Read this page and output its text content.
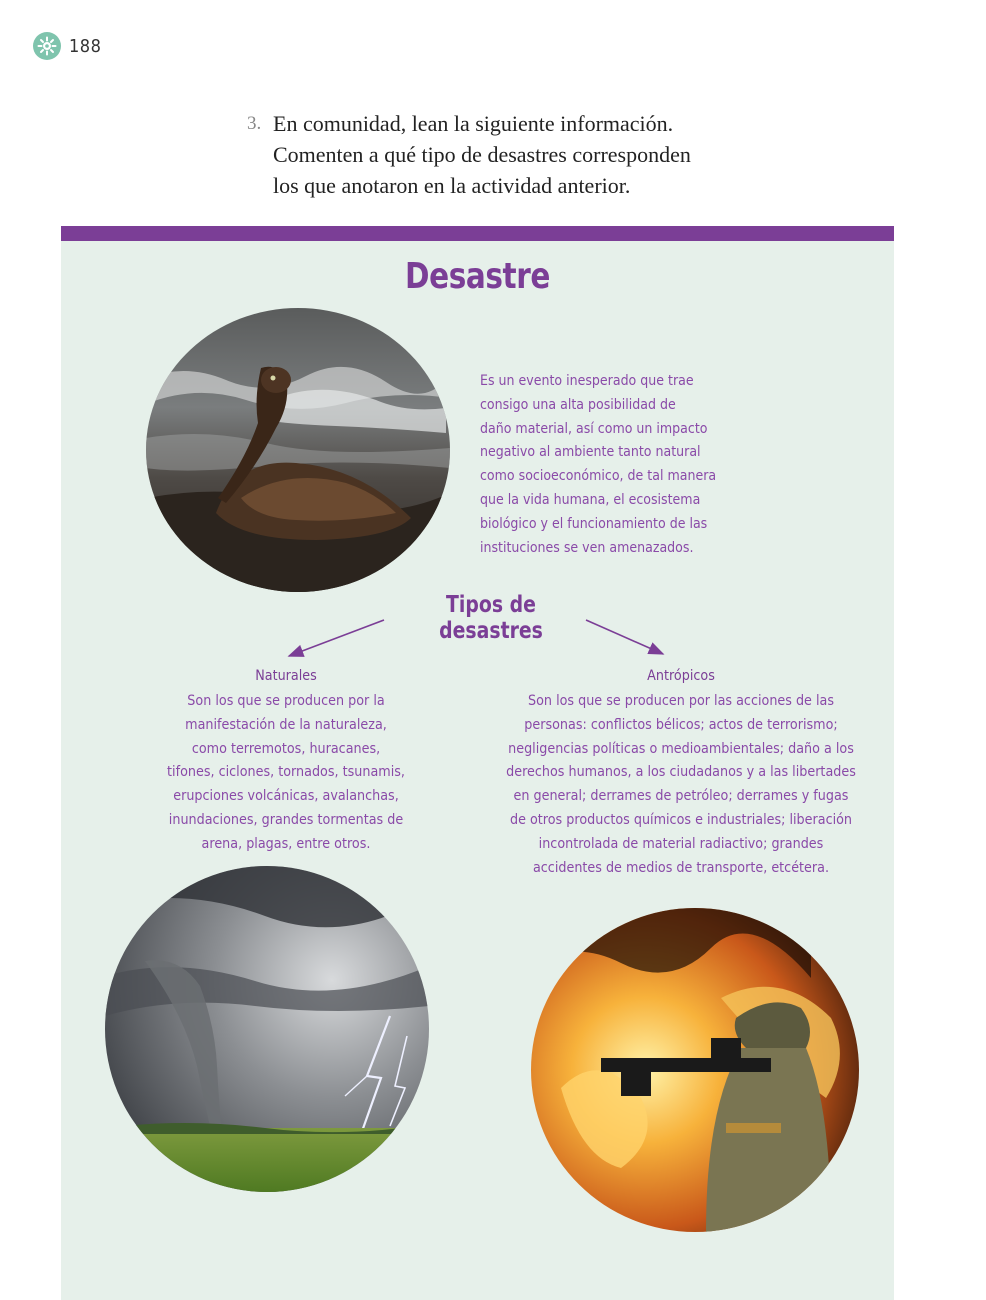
188
3. En comunidad, lean la siguiente información.
Comenten a qué tipo de desastres corresponden
los que anotaron en la actividad anterior.
Desastre
Es un evento inesperado que trae
consigo una alta posibilidad de
daño material, así como un impacto
negativo al ambiente tanto natural
como socioeconómico, de tal manera
que la vida humana, el ecosistema
biológico y el funcionamiento de las
instituciones se ven amenazados.
Tipos de desastres
Naturales
Son los que se producen por la
manifestación de la naturaleza,
como terremotos, huracanes,
tifones, ciclones, tornados, tsunamis,
erupciones volcánicas, avalanchas,
inundaciones, grandes tormentas de
arena, plagas, entre otros.
Antrópicos
Son los que se producen por las acciones de las
personas: conflictos bélicos; actos de terrorismo;
negligencias políticas o medioambientales; daño a los
derechos humanos, a los ciudadanos y a las libertades
en general; derrames de petróleo; derrames y fugas
de otros productos químicos e industriales; liberación
incontrolada de material radiactivo; grandes
accidentes de medios de transporte, etcétera.
